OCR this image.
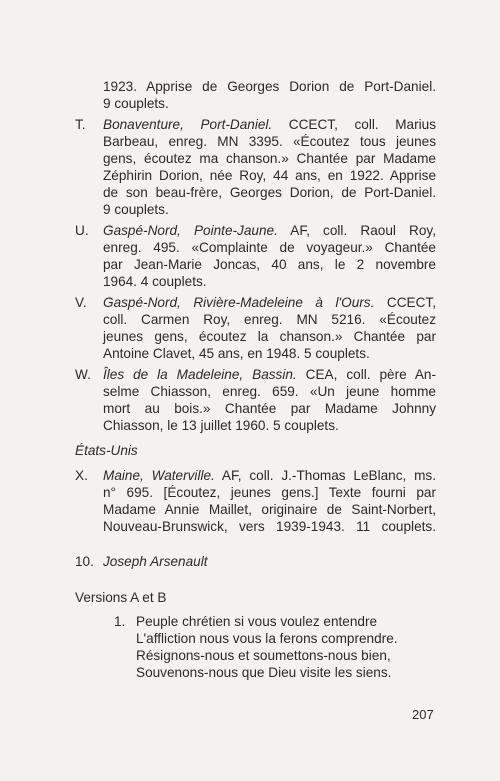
1923. Apprise de Georges Dorion de Port-Daniel.
9 couplets.
T. Bonaventure, Port-Daniel. CCECT, coll. Marius
Barbeau, enreg. MN 3395. «Écoutez tous jeunes
gens, écoutez ma chanson.» Chantée par Madame
Zéphirin Dorion, née Roy, 44 ans, en 1922. Apprise
de son beau-frère, Georges Dorion, de Port-Daniel.
9 couplets.
U. Gaspé-Nord, Pointe-Jaune. AF, coll. Raoul Roy,
enreg. 495. «Complainte de voyageur.» Chantée
par Jean-Marie Joncas, 40 ans, le 2 novembre
1964. 4 couplets.
V. Gaspé-Nord, Rivière-Madeleine à l'Ours. CCECT,
coll. Carmen Roy, enreg. MN 5216. «Écoutez
jeunes gens, écoutez la chanson.» Chantée par
Antoine Clavet, 45 ans, en 1948. 5 couplets.
W. Îles de la Madeleine, Bassin. CEA, coll. père An-
selme Chiasson, enreg. 659. «Un jeune homme
mort au bois.» Chantée par Madame Johnny
Chiasson, le 13 juillet 1960. 5 couplets.
États-Unis
X. Maine, Waterville. AF, coll. J.-Thomas LeBlanc, ms.
n° 695. [Écoutez, jeunes gens.] Texte fourni par
Madame Annie Maillet, originaire de Saint-Norbert,
Nouveau-Brunswick, vers 1939-1943. 11 couplets.
10. Joseph Arsenault
Versions A et B
1. Peuple chrétien si vous voulez entendre
L'affliction nous vous la ferons comprendre.
Résignons-nous et soumettons-nous bien,
Souvenons-nous que Dieu visite les siens.
207
